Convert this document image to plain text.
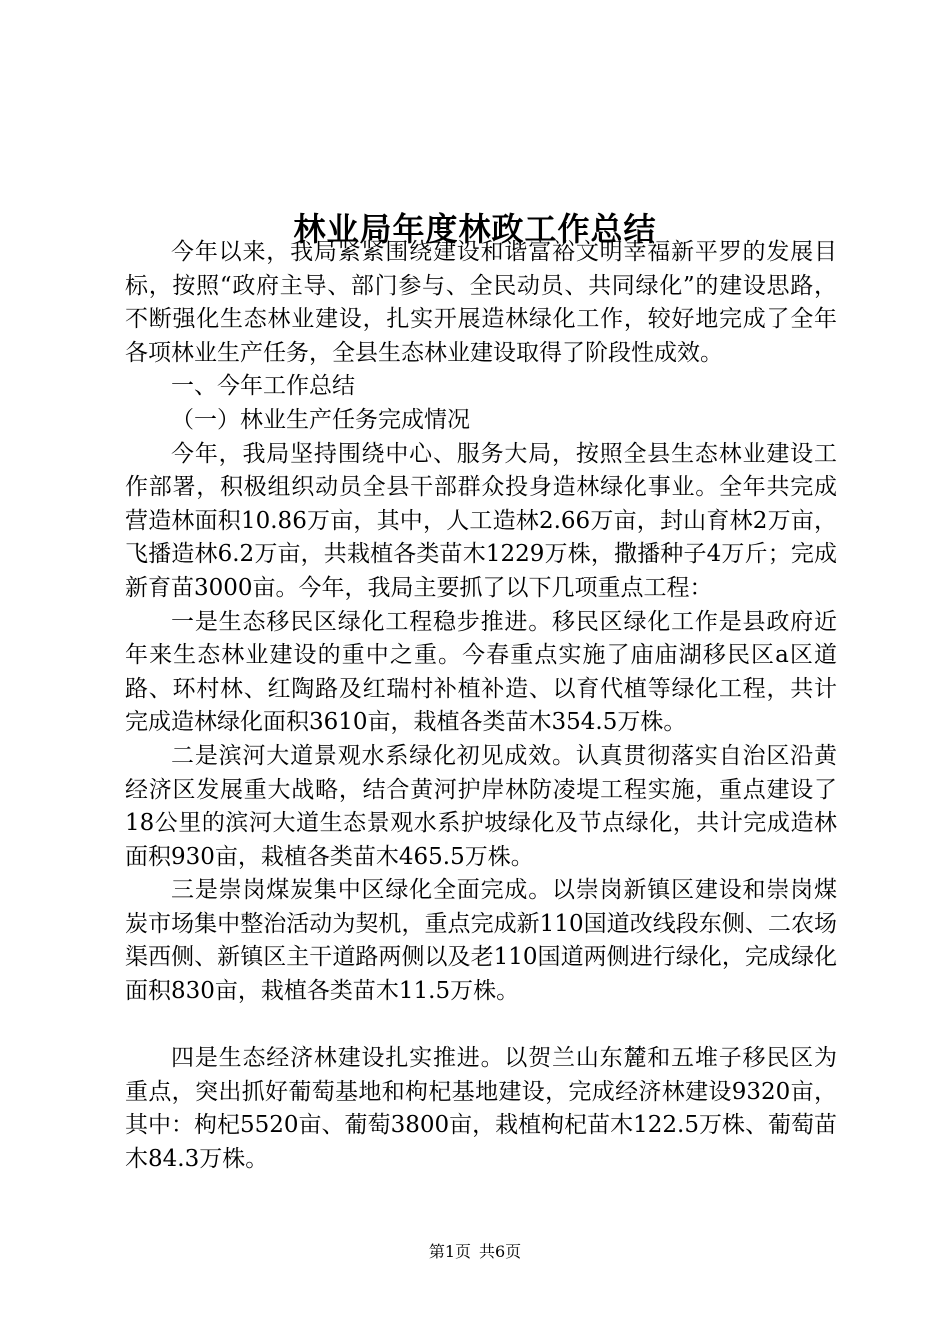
林业局年度林政工作总结

今年以来，我局紧紧围绕建设和谐富裕文明幸福新平罗的发展目标，按照“政府主导、部门参与、全民动员、共同绿化”的建设思路，不断强化生态林业建设，扎实开展造林绿化工作，较好地完成了全年各项林业生产任务，全县生态林业建设取得了阶段性成效。

一、今年工作总结

（一）林业生产任务完成情况

今年，我局坚持围绕中心、服务大局，按照全县生态林业建设工作部署，积极组织动员全县干部群众投身造林绿化事业。全年共完成营造林面积10.86万亩，其中，人工造林2.66万亩，封山育林2万亩，飞播造林6.2万亩，共栽植各类苗木1229万株，撒播种子4万斤；完成新育苗3000亩。今年，我局主要抓了以下几项重点工程：

一是生态移民区绿化工程稳步推进。移民区绿化工作是县政府近年来生态林业建设的重中之重。今春重点实施了庙庙湖移民区a区道路、环村林、红陶路及红瑞村补植补造、以育代植等绿化工程，共计完成造林绿化面积3610亩，栽植各类苗木354.5万株。

二是滨河大道景观水系绿化初见成效。认真贯彻落实自治区沿黄经济区发展重大战略，结合黄河护岸林防凌堤工程实施，重点建设了18公里的滨河大道生态景观水系护坡绿化及节点绿化，共计完成造林面积930亩，栽植各类苗木465.5万株。

三是崇岗煤炭集中区绿化全面完成。以崇岗新镇区建设和崇岗煤炭市场集中整治活动为契机，重点完成新110国道改线段东侧、二农场渠西侧、新镇区主干道路两侧以及老110国道两侧进行绿化，完成绿化面积830亩，栽植各类苗木11.5万株。

四是生态经济林建设扎实推进。以贺兰山东麓和五堆子移民区为重点，突出抓好葡萄基地和枸杞基地建设，完成经济林建设9320亩，其中：枸杞5520亩、葡萄3800亩，栽植枸杞苗木122.5万株、葡萄苗木84.3万株。

第1页 共6页
